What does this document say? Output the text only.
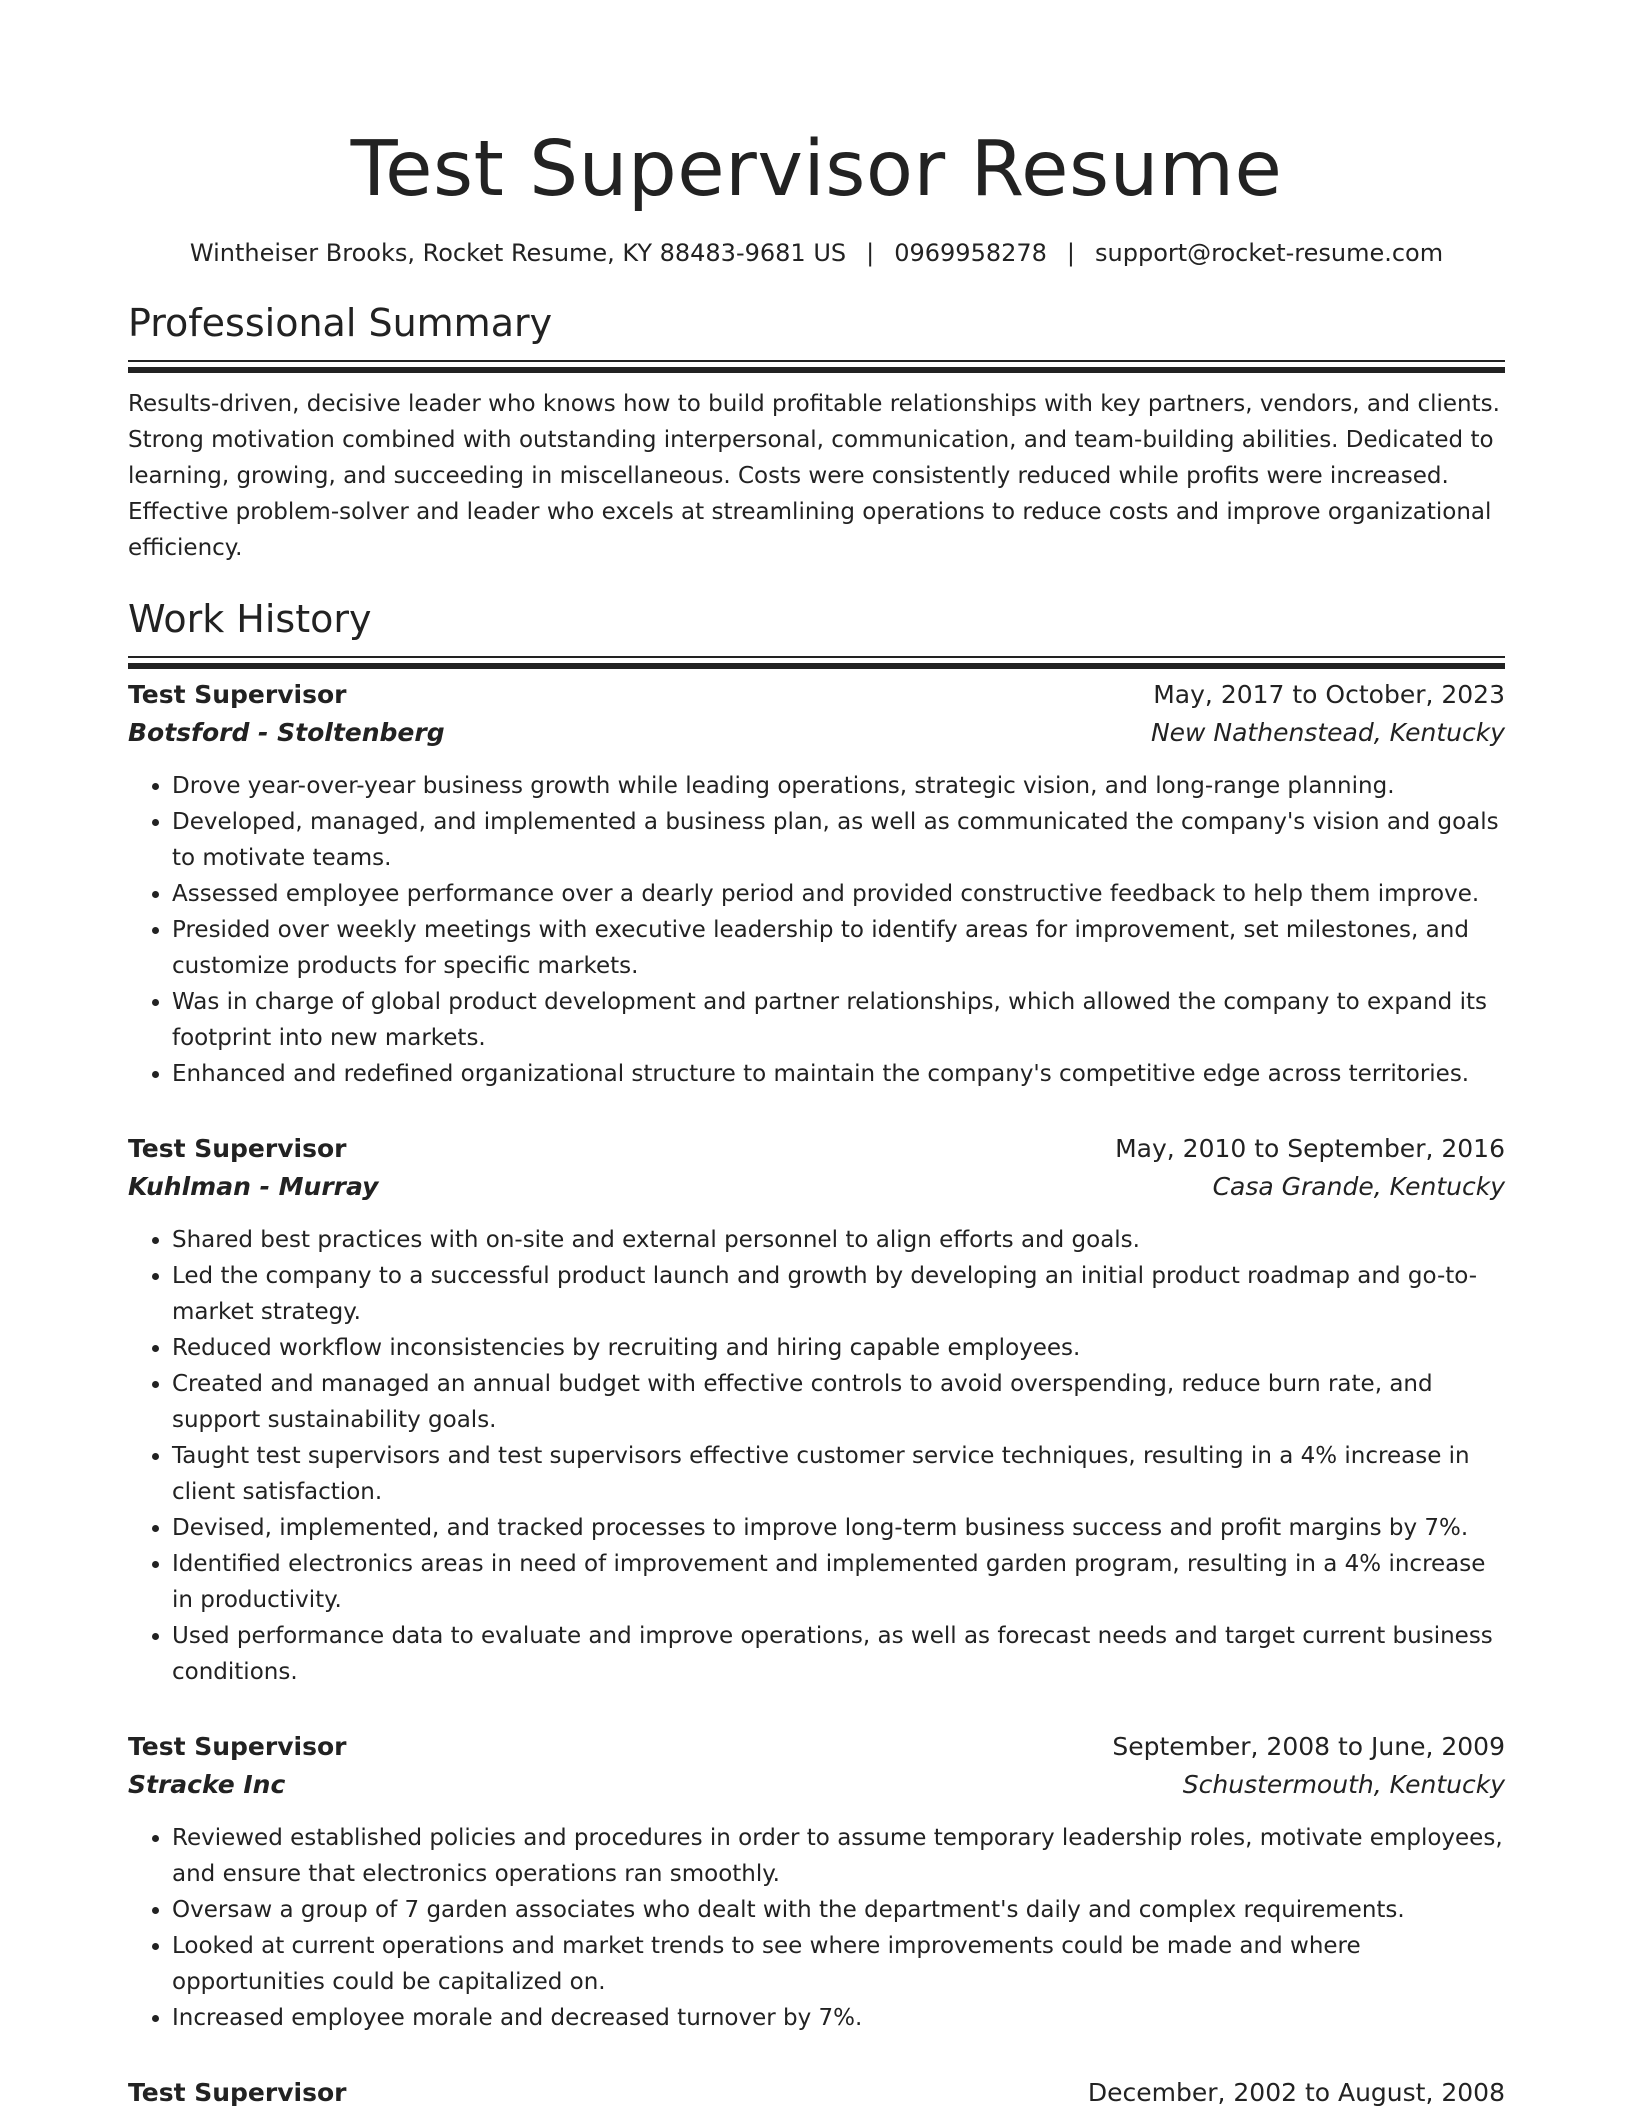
Test Supervisor Resume
Wintheiser Brooks, Rocket Resume, KY 88483-9681 US | 0969958278 | support@rocket-resume.com
Professional Summary
Results-driven, decisive leader who knows how to build profitable relationships with key partners, vendors, and clients. Strong motivation combined with outstanding interpersonal, communication, and team-building abilities. Dedicated to learning, growing, and succeeding in miscellaneous. Costs were consistently reduced while profits were increased. Effective problem-solver and leader who excels at streamlining operations to reduce costs and improve organizational efficiency.
Work History
Test Supervisor	May, 2017 to October, 2023
Botsford - Stoltenberg	New Nathenstead, Kentucky
• Drove year-over-year business growth while leading operations, strategic vision, and long-range planning.
• Developed, managed, and implemented a business plan, as well as communicated the company's vision and goals to motivate teams.
• Assessed employee performance over a dearly period and provided constructive feedback to help them improve.
• Presided over weekly meetings with executive leadership to identify areas for improvement, set milestones, and customize products for specific markets.
• Was in charge of global product development and partner relationships, which allowed the company to expand its footprint into new markets.
• Enhanced and redefined organizational structure to maintain the company's competitive edge across territories.
Test Supervisor	May, 2010 to September, 2016
Kuhlman - Murray	Casa Grande, Kentucky
• Shared best practices with on-site and external personnel to align efforts and goals.
• Led the company to a successful product launch and growth by developing an initial product roadmap and go-to-market strategy.
• Reduced workflow inconsistencies by recruiting and hiring capable employees.
• Created and managed an annual budget with effective controls to avoid overspending, reduce burn rate, and support sustainability goals.
• Taught test supervisors and test supervisors effective customer service techniques, resulting in a 4% increase in client satisfaction.
• Devised, implemented, and tracked processes to improve long-term business success and profit margins by 7%.
• Identified electronics areas in need of improvement and implemented garden program, resulting in a 4% increase in productivity.
• Used performance data to evaluate and improve operations, as well as forecast needs and target current business conditions.
Test Supervisor	September, 2008 to June, 2009
Stracke Inc	Schustermouth, Kentucky
• Reviewed established policies and procedures in order to assume temporary leadership roles, motivate employees, and ensure that electronics operations ran smoothly.
• Oversaw a group of 7 garden associates who dealt with the department's daily and complex requirements.
• Looked at current operations and market trends to see where improvements could be made and where opportunities could be capitalized on.
• Increased employee morale and decreased turnover by 7%.
Test Supervisor	December, 2002 to August, 2008
